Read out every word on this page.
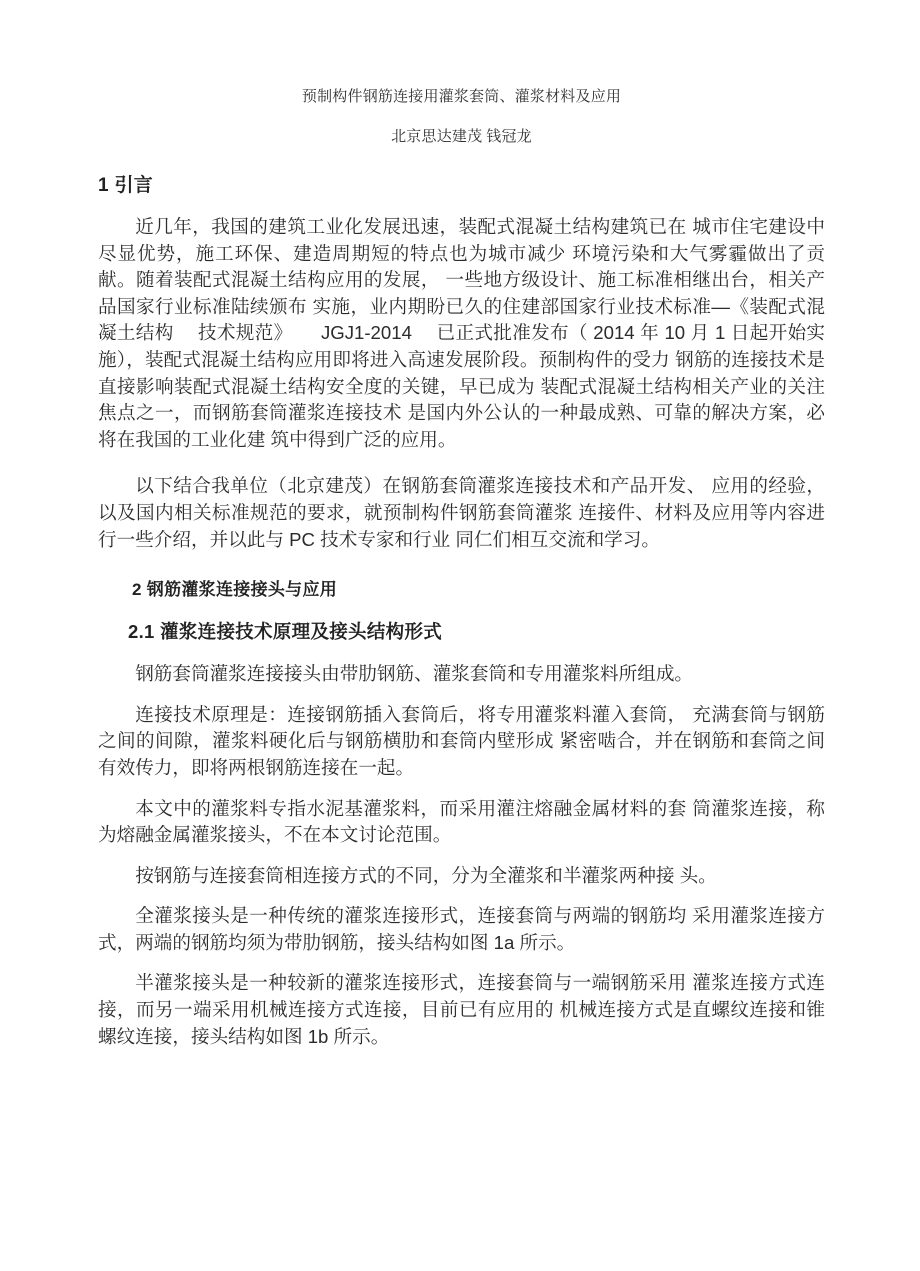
预制构件钢筋连接用灌浆套筒、灌浆材料及应用
北京思达建茂 钱冠龙
1 引言

近几年，我国的建筑工业化发展迅速，装配式混凝土结构建筑已在 城市住宅建设中尽显优势，施工环保、建造周期短的特点也为城市减少 环境污染和大气雾霾做出了贡献。随着装配式混凝土结构应用的发展， 一些地方级设计、施工标准相继出台，相关产品国家行业标准陆续颁布 实施，业内期盼已久的住建部国家行业技术标准—《装配式混凝土结构 　技术规范》　　JGJ1-2014　 已正式批准发布（ 2014 年 10 月 1 日起开始实 施），装配式混凝土结构应用即将进入高速发展阶段。预制构件的受力 钢筋的连接技术是直接影响装配式混凝土结构安全度的关键，早已成为 装配式混凝土结构相关产业的关注焦点之一，而钢筋套筒灌浆连接技术 是国内外公认的一种最成熟、可靠的解决方案，必将在我国的工业化建 筑中得到广泛的应用。

以下结合我单位（北京建茂）在钢筋套筒灌浆连接技术和产品开发、 应用的经验，以及国内相关标准规范的要求，就预制构件钢筋套筒灌浆 连接件、材料及应用等内容进行一些介绍，并以此与 PC 技术专家和行业 同仁们相互交流和学习。

2 钢筋灌浆连接接头与应用
2.1 灌浆连接技术原理及接头结构形式

钢筋套筒灌浆连接接头由带肋钢筋、灌浆套筒和专用灌浆料所组成。

连接技术原理是：连接钢筋插入套筒后，将专用灌浆料灌入套筒， 充满套筒与钢筋之间的间隙，灌浆料硬化后与钢筋横肋和套筒内壁形成 紧密啮合，并在钢筋和套筒之间有效传力，即将两根钢筋连接在一起。

本文中的灌浆料专指水泥基灌浆料，而采用灌注熔融金属材料的套 筒灌浆连接，称为熔融金属灌浆接头，不在本文讨论范围。

按钢筋与连接套筒相连接方式的不同，分为全灌浆和半灌浆两种接 头。

全灌浆接头是一种传统的灌浆连接形式，连接套筒与两端的钢筋均 采用灌浆连接方式，两端的钢筋均须为带肋钢筋，接头结构如图 1a 所示。

半灌浆接头是一种较新的灌浆连接形式，连接套筒与一端钢筋采用 灌浆连接方式连接，而另一端采用机械连接方式连接，目前已有应用的 机械连接方式是直螺纹连接和锥螺纹连接，接头结构如图 1b 所示。
